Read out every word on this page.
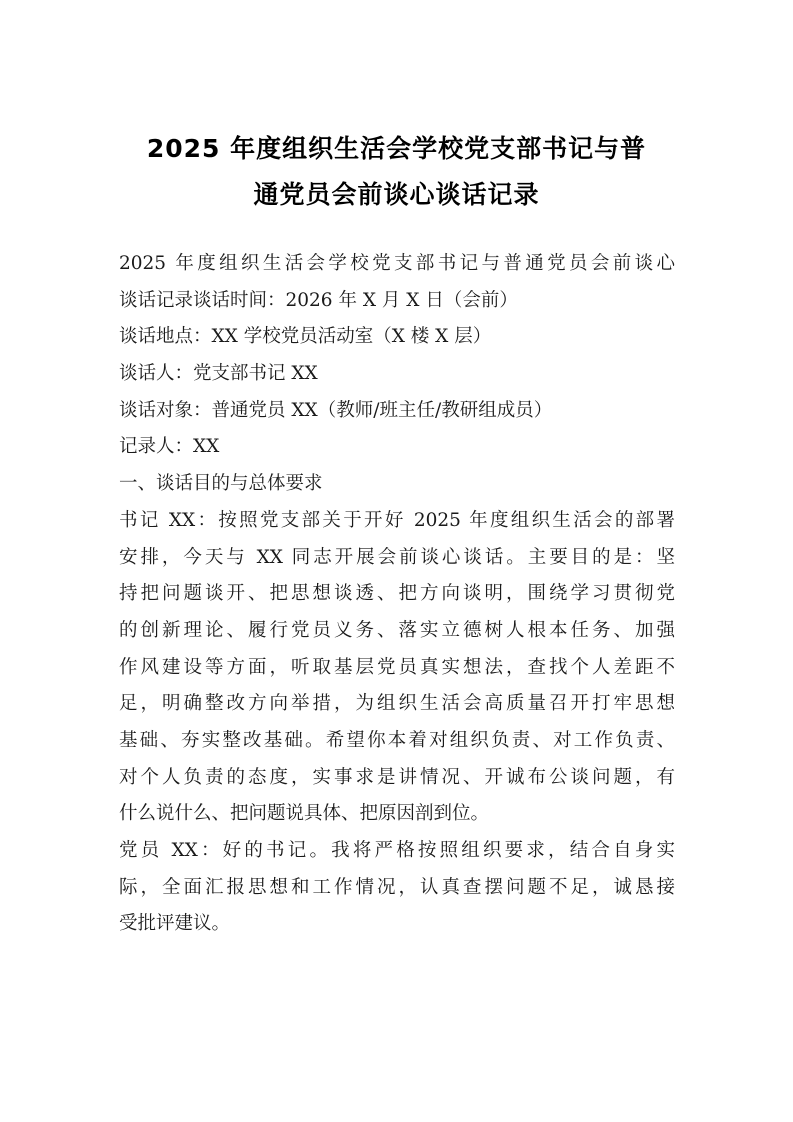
2025 年度组织生活会学校党支部书记与普
通党员会前谈心谈话记录
2025 年度组织生活会学校党支部书记与普通党员会前谈心
谈话记录谈话时间：2026 年 X 月 X 日（会前）
谈话地点：XX 学校党员活动室（X 楼 X 层）
谈话人：党支部书记 XX
谈话对象：普通党员 XX（教师/班主任/教研组成员）
记录人：XX
一、谈话目的与总体要求
书记 XX：按照党支部关于开好 2025 年度组织生活会的部署
安排，今天与 XX 同志开展会前谈心谈话。主要目的是：坚
持把问题谈开、把思想谈透、把方向谈明，围绕学习贯彻党
的创新理论、履行党员义务、落实立德树人根本任务、加强
作风建设等方面，听取基层党员真实想法，查找个人差距不
足，明确整改方向举措，为组织生活会高质量召开打牢思想
基础、夯实整改基础。希望你本着对组织负责、对工作负责、
对个人负责的态度，实事求是讲情况、开诚布公谈问题，有
什么说什么、把问题说具体、把原因剖到位。
党员 XX：好的书记。我将严格按照组织要求，结合自身实
际，全面汇报思想和工作情况，认真查摆问题不足，诚恳接
受批评建议。
